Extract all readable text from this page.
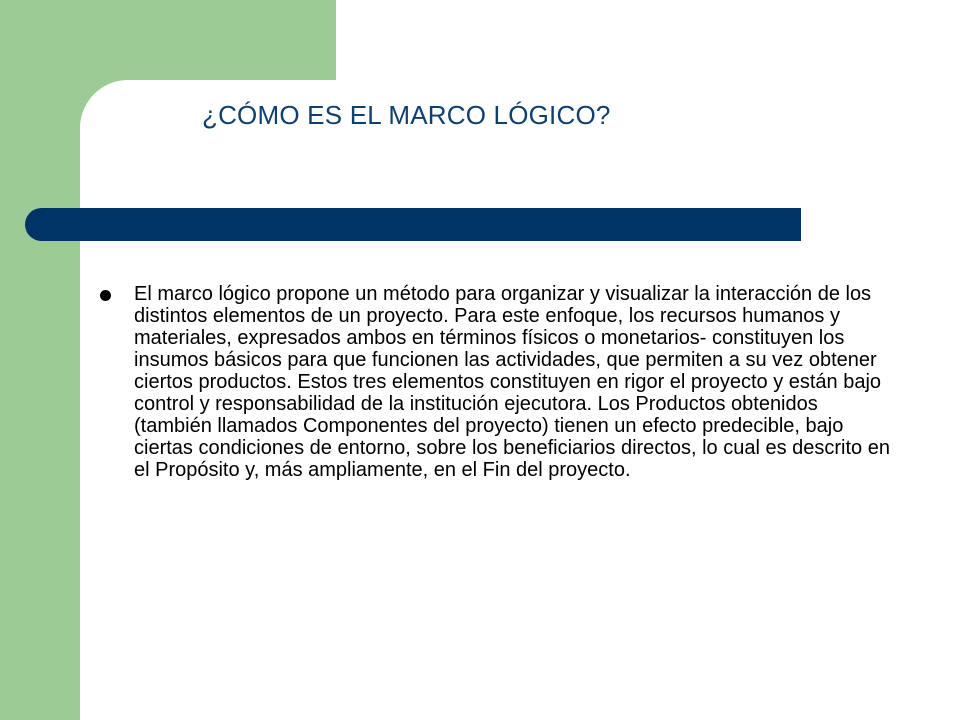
¿CÓMO ES EL MARCO LÓGICO?
El marco lógico propone un método para organizar y visualizar la interacción de los distintos elementos de un proyecto. Para este enfoque, los recursos humanos y materiales, expresados ambos en términos físicos o monetarios- constituyen los insumos básicos para que funcionen las actividades, que permiten a su vez obtener ciertos productos. Estos tres elementos constituyen en rigor el proyecto y están bajo control y responsabilidad de la institución ejecutora. Los Productos obtenidos (también llamados Componentes del proyecto) tienen un efecto predecible, bajo ciertas condiciones de entorno, sobre los beneficiarios directos, lo cual es descrito en el Propósito y, más ampliamente, en el Fin del proyecto.
